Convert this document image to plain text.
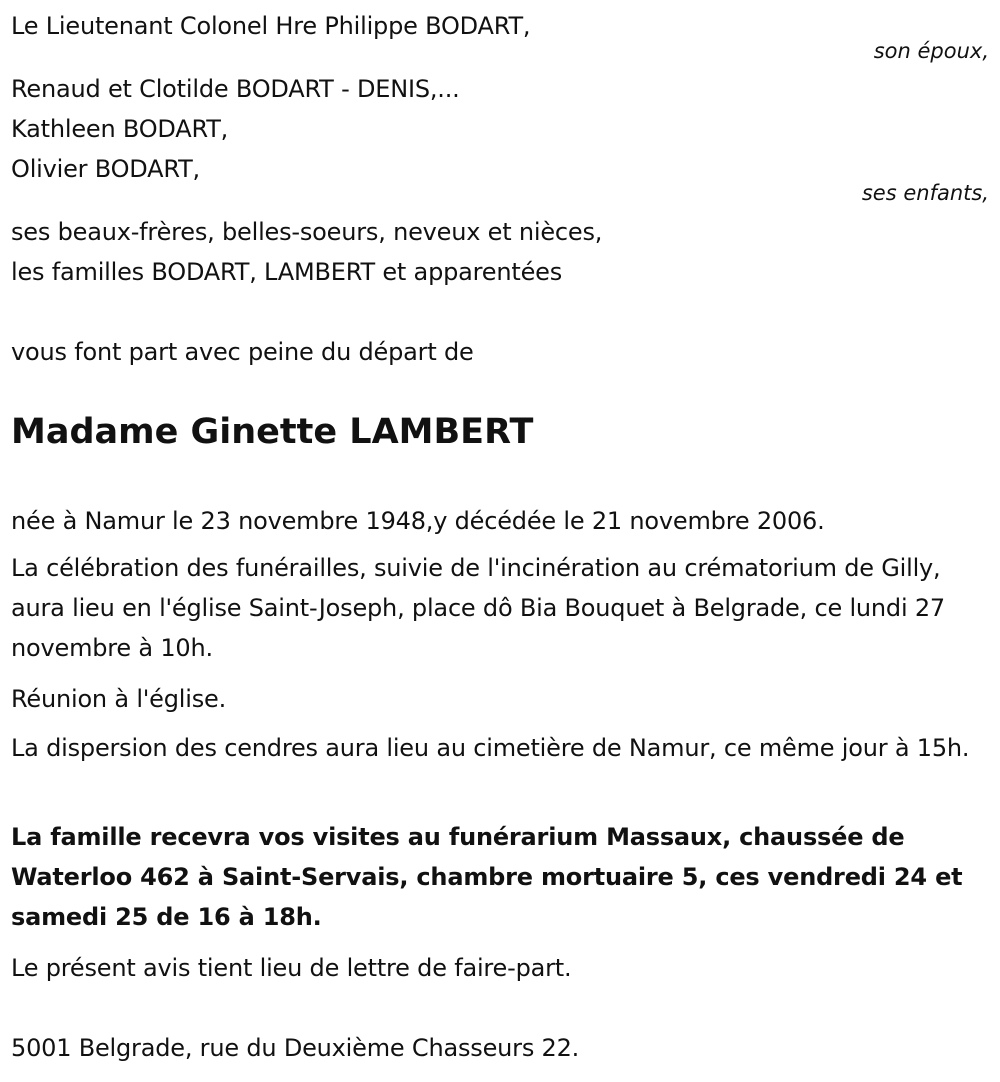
Le Lieutenant Colonel Hre Philippe BODART,
son époux,
Renaud et Clotilde BODART - DENIS,...
Kathleen BODART,
Olivier BODART,
ses enfants,
ses beaux-frères, belles-soeurs, neveux et nièces,
les familles BODART, LAMBERT et apparentées
vous font part avec peine du départ de
Madame Ginette LAMBERT
née à Namur le 23 novembre 1948,y décédée le 21 novembre 2006.
La célébration des funérailles, suivie de l'incinération au crématorium de Gilly, aura lieu en l'église Saint-Joseph, place dô Bia Bouquet à Belgrade, ce lundi 27 novembre à 10h.
Réunion à l'église.
La dispersion des cendres aura lieu au cimetière de Namur, ce même jour à 15h.
La famille recevra vos visites au funérarium Massaux, chaussée de Waterloo 462 à Saint-Servais, chambre mortuaire 5, ces vendredi 24 et samedi 25 de 16 à 18h.
Le présent avis tient lieu de lettre de faire-part.
5001 Belgrade, rue du Deuxième Chasseurs 22.
